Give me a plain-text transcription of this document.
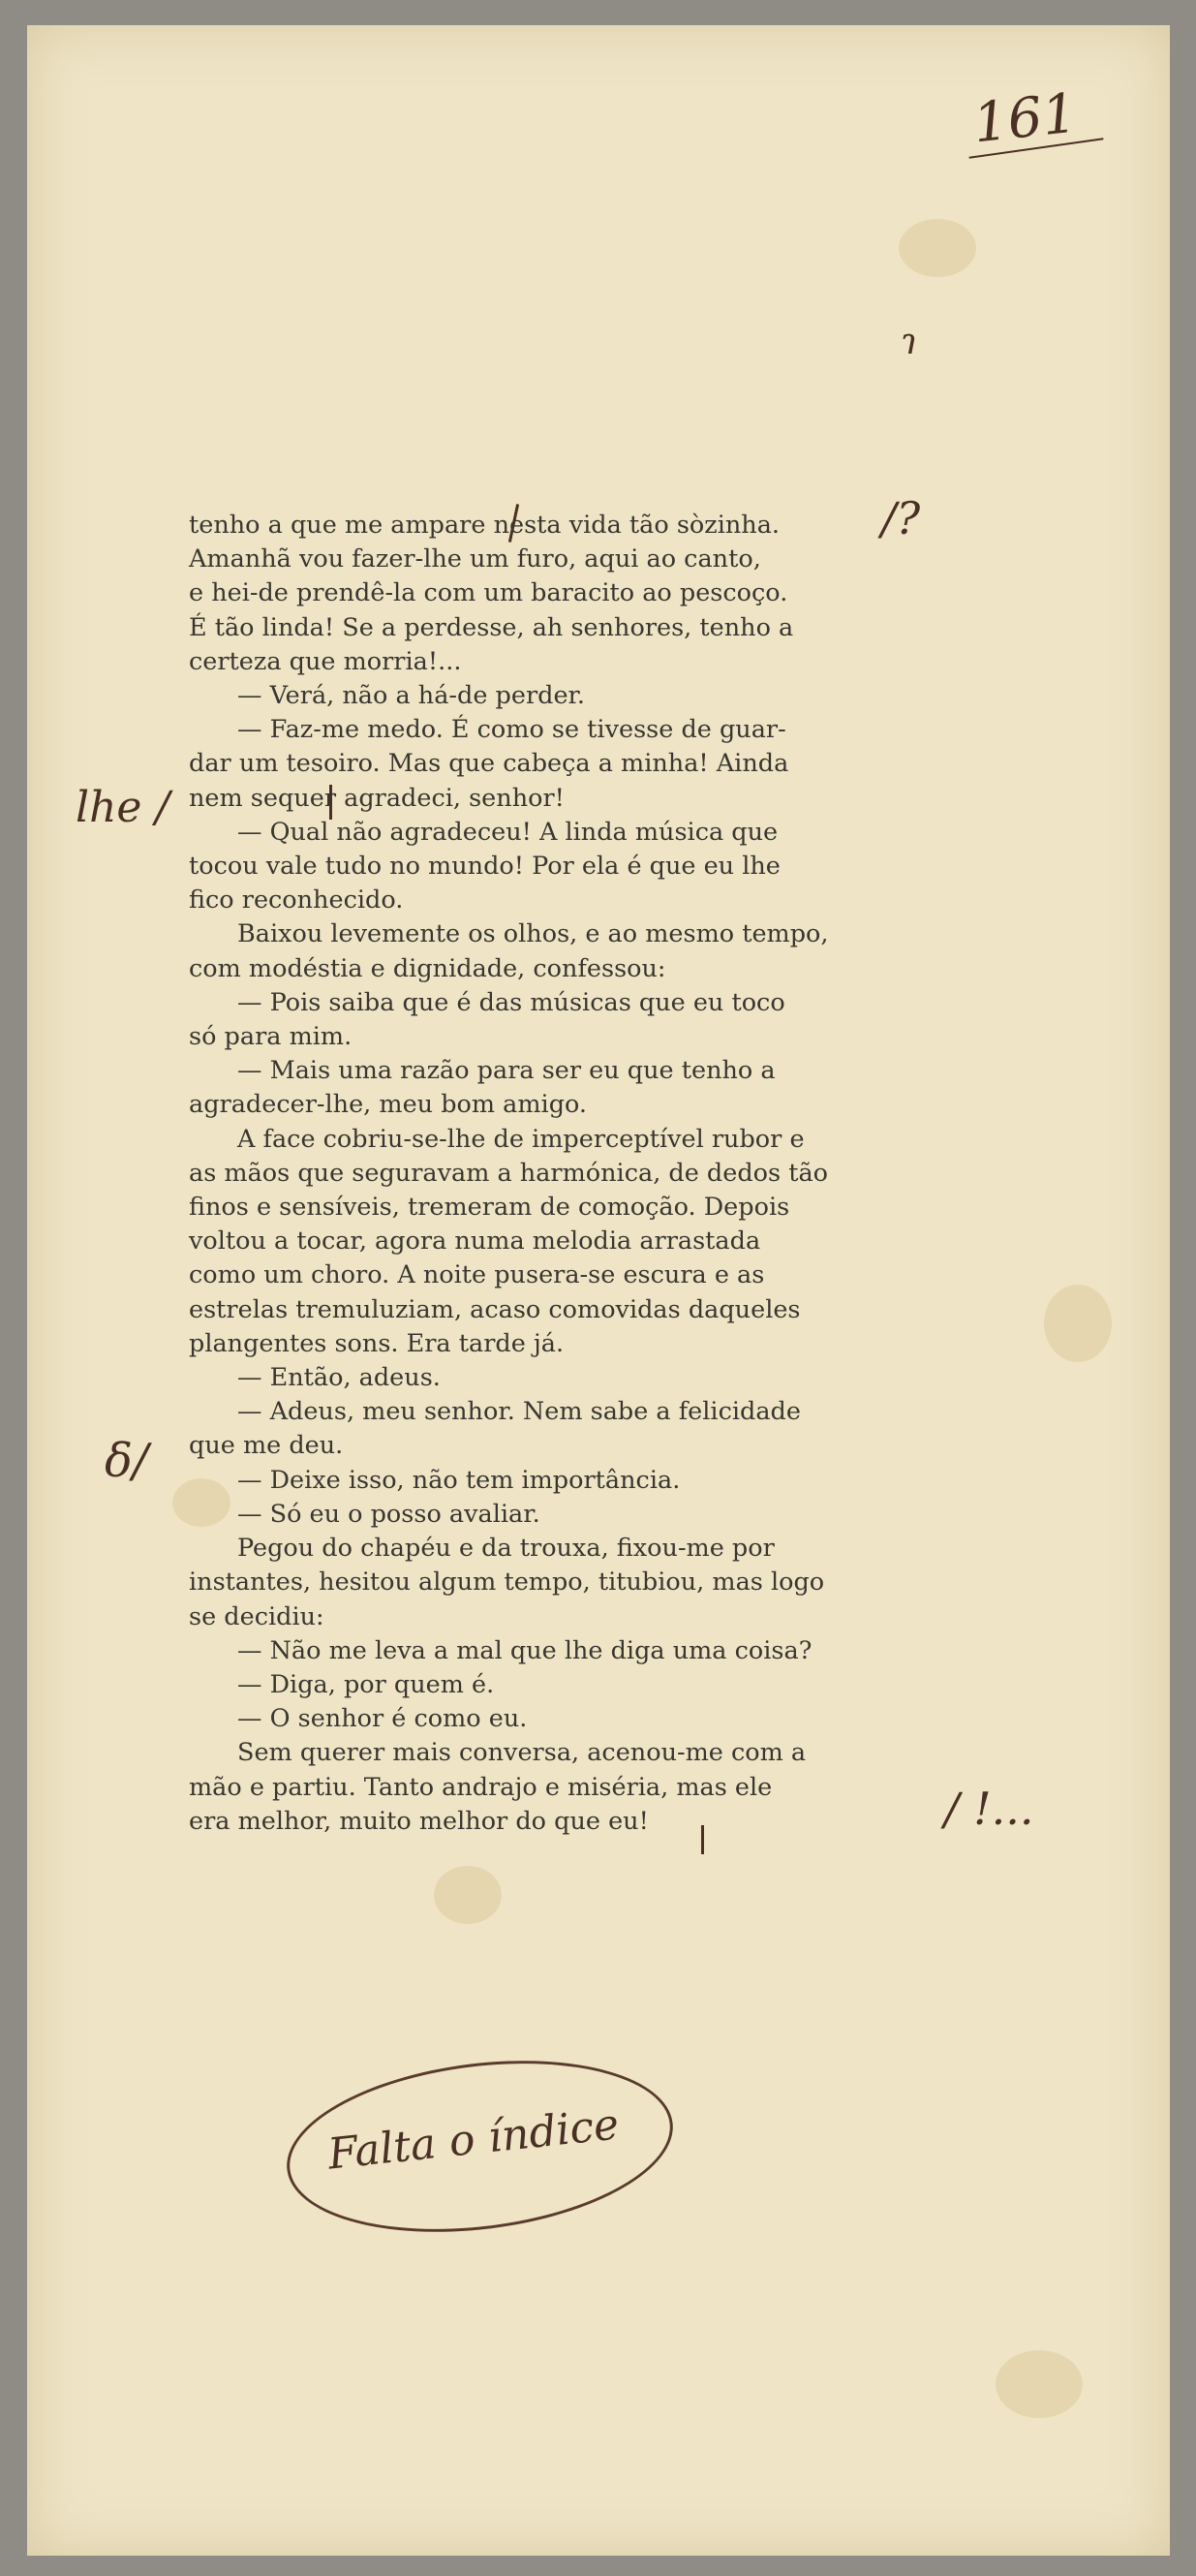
161
ɿ
/?
lhe /
δ/
/ !...
tenho a que me ampare nesta vida tão sòzinha.
Amanhã vou fazer-lhe um furo, aqui ao canto,
e hei-de prendê-la com um baracito ao pescoço.
É tão linda! Se a perdesse, ah senhores, tenho a
certeza que morria!...
— Verá, não a há-de perder.
— Faz-me medo. É como se tivesse de guar-
dar um tesoiro. Mas que cabeça a minha! Ainda
nem sequer agradeci, senhor!
— Qual não agradeceu! A linda música que
tocou vale tudo no mundo! Por ela é que eu lhe
fico reconhecido.
Baixou levemente os olhos, e ao mesmo tempo,
com modéstia e dignidade, confessou:
— Pois saiba que é das músicas que eu toco
só para mim.
— Mais uma razão para ser eu que tenho a
agradecer-lhe, meu bom amigo.
A face cobriu-se-lhe de imperceptível rubor e
as mãos que seguravam a harmónica, de dedos tão
finos e sensíveis, tremeram de comoção. Depois
voltou a tocar, agora numa melodia arrastada
como um choro. A noite pusera-se escura e as
estrelas tremuluziam, acaso comovidas daqueles
plangentes sons. Era tarde já.
— Então, adeus.
— Adeus, meu senhor. Nem sabe a felicidade
que me deu.
— Deixe isso, não tem importância.
— Só eu o posso avaliar.
Pegou do chapéu e da trouxa, fixou-me por
instantes, hesitou algum tempo, titubiou, mas logo
se decidiu:
— Não me leva a mal que lhe diga uma coisa?
— Diga, por quem é.
— O senhor é como eu.
Sem querer mais conversa, acenou-me com a
mão e partiu. Tanto andrajo e miséria, mas ele
era melhor, muito melhor do que eu!
Falta o índice
